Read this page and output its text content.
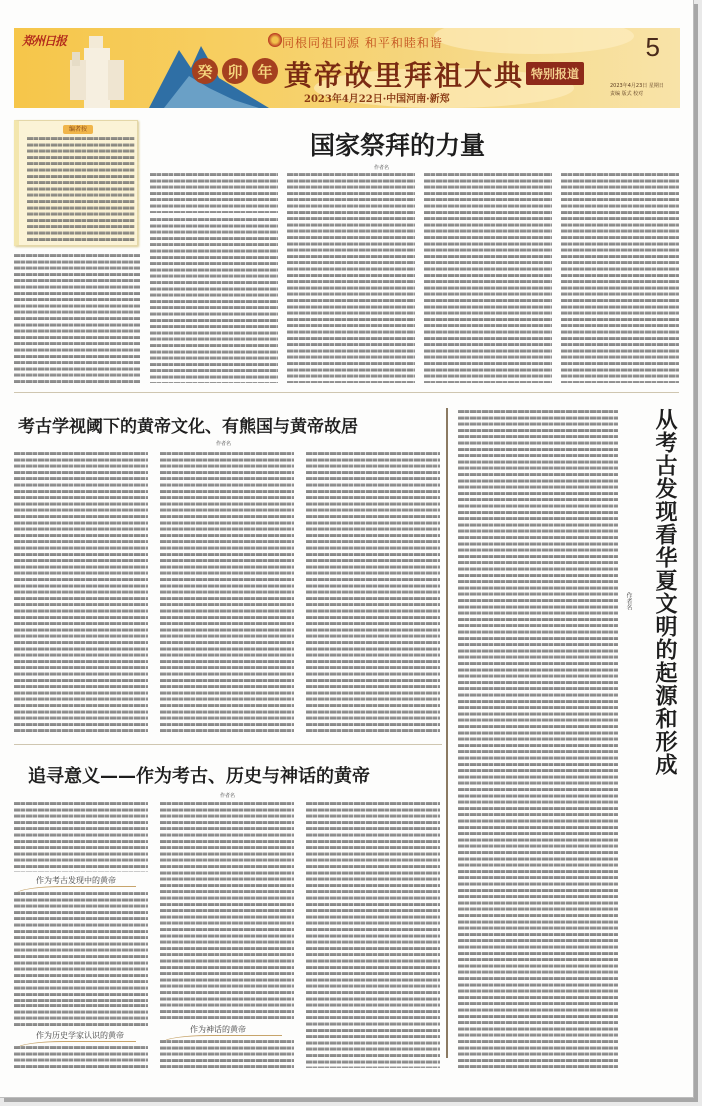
郑州日报	同根同祖同源 和平和睦和谐
癸 卯 年 黄帝故里拜祖大典 特别报道
2023年4月22日·中国河南·新郑
5
2023年4月23日 星期日
责编 版式 校对
编者按
国家祭拜的力量
作者名
考古学视阈下的黄帝文化、有熊国与黄帝故居
作者名	从考古发现看华夏文明的起源和形成
作者名
追寻意义——作为考古、历史与神话的黄帝
作者名
作为考古发现中的黄帝
作为历史学家认识的黄帝
作为神话的黄帝
